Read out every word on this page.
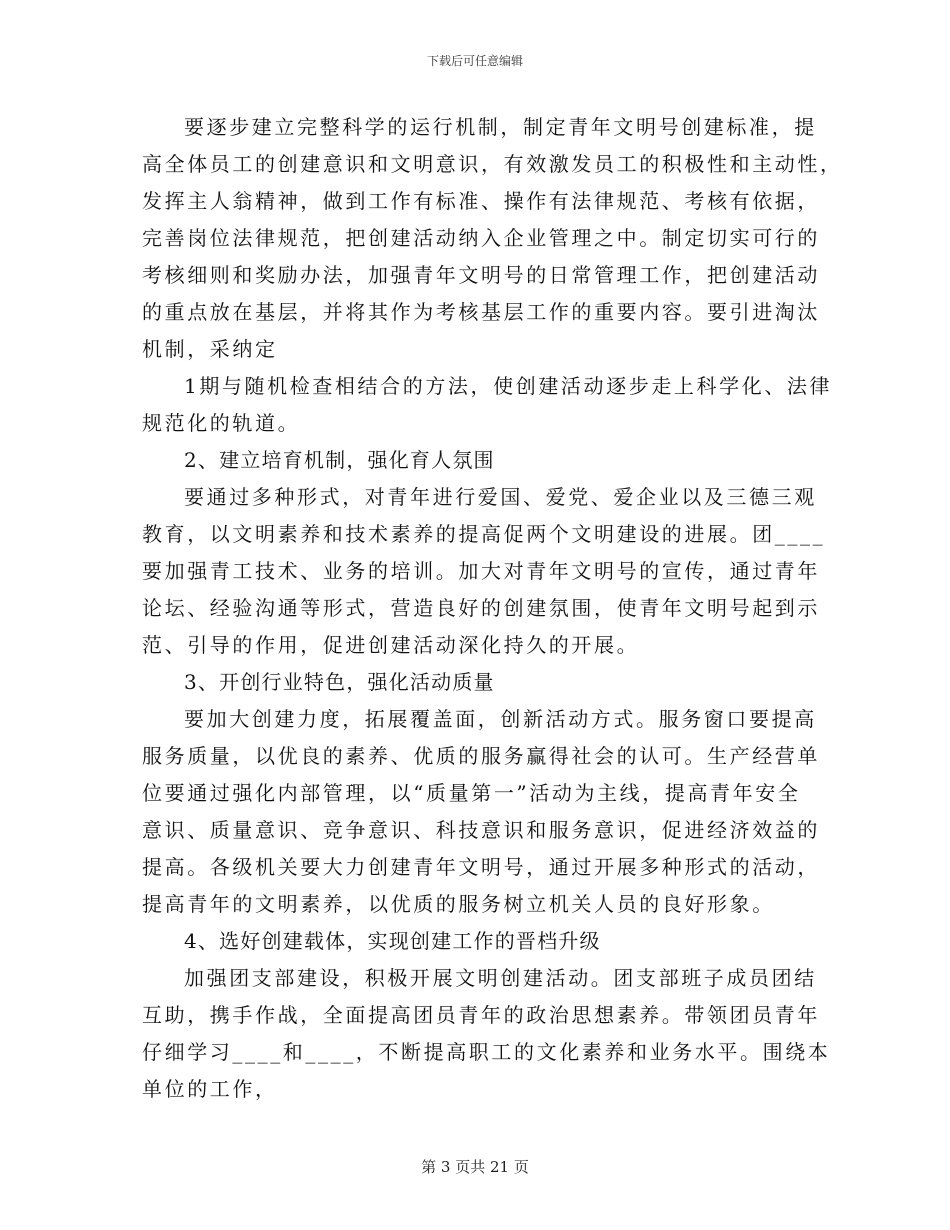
下载后可任意编辑
要逐步建立完整科学的运行机制，制定青年文明号创建标准，提
高全体员工的创建意识和文明意识，有效激发员工的积极性和主动性，
发挥主人翁精神，做到工作有标准、操作有法律规范、考核有依据，
完善岗位法律规范，把创建活动纳入企业管理之中。制定切实可行的
考核细则和奖励办法，加强青年文明号的日常管理工作，把创建活动
的重点放在基层，并将其作为考核基层工作的重要内容。要引进淘汰
机制，采纳定
1期与随机检查相结合的方法，使创建活动逐步走上科学化、法律
规范化的轨道。
2、建立培育机制，强化育人氛围
要通过多种形式，对青年进行爱国、爱党、爱企业以及三德三观
教育，以文明素养和技术素养的提高促两个文明建设的进展。团____
要加强青工技术、业务的培训。加大对青年文明号的宣传，通过青年
论坛、经验沟通等形式，营造良好的创建氛围，使青年文明号起到示
范、引导的作用，促进创建活动深化持久的开展。
3、开创行业特色，强化活动质量
要加大创建力度，拓展覆盖面，创新活动方式。服务窗口要提高
服务质量，以优良的素养、优质的服务赢得社会的认可。生产经营单
位要通过强化内部管理，以“质量第一”活动为主线，提高青年安全
意识、质量意识、竞争意识、科技意识和服务意识，促进经济效益的
提高。各级机关要大力创建青年文明号，通过开展多种形式的活动，
提高青年的文明素养，以优质的服务树立机关人员的良好形象。
4、选好创建载体，实现创建工作的晋档升级
加强团支部建设，积极开展文明创建活动。团支部班子成员团结
互助，携手作战，全面提高团员青年的政治思想素养。带领团员青年
仔细学习____和____，不断提高职工的文化素养和业务水平。围绕本
单位的工作，
第 3 页共 21 页
